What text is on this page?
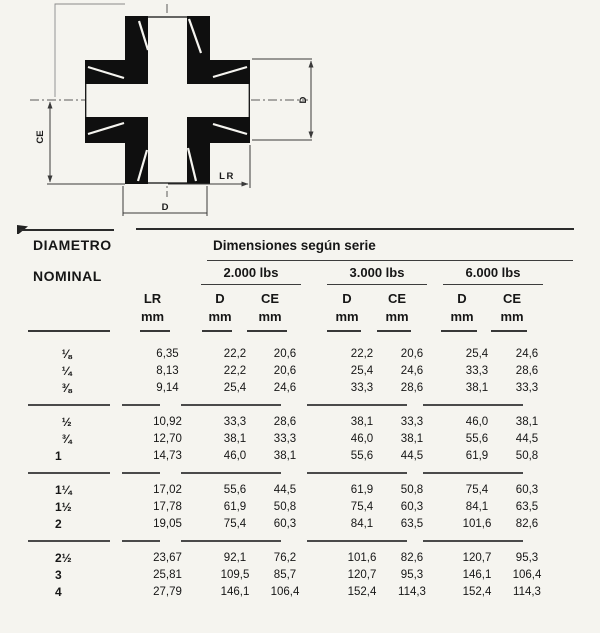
CE
D
D
LR
DIAMETRO	Dimensiones según serie
NOMINAL	2.000 lbs	3.000 lbs	6.000 lbs
LR	D	CE	D	CE	D	CE
mm	mm	mm	mm	mm	mm	mm
⅛	6,35	22,2	20,6	22,2	20,6	25,4	24,6
¼	8,13	22,2	20,6	25,4	24,6	33,3	28,6
⅜	9,14	25,4	24,6	33,3	28,6	38,1	33,3
½	10,92	33,3	28,6	38,1	33,3	46,0	38,1
¾	12,70	38,1	33,3	46,0	38,1	55,6	44,5
1	14,73	46,0	38,1	55,6	44,5	61,9	50,8
1¼	17,02	55,6	44,5	61,9	50,8	75,4	60,3
1½	17,78	61,9	50,8	75,4	60,3	84,1	63,5
2	19,05	75,4	60,3	84,1	63,5	101,6	82,6
2½	23,67	92,1	76,2	101,6	82,6	120,7	95,3
3	25,81	109,5	85,7	120,7	95,3	146,1	106,4
4	27,79	146,1	106,4	152,4	114,3	152,4	114,3
